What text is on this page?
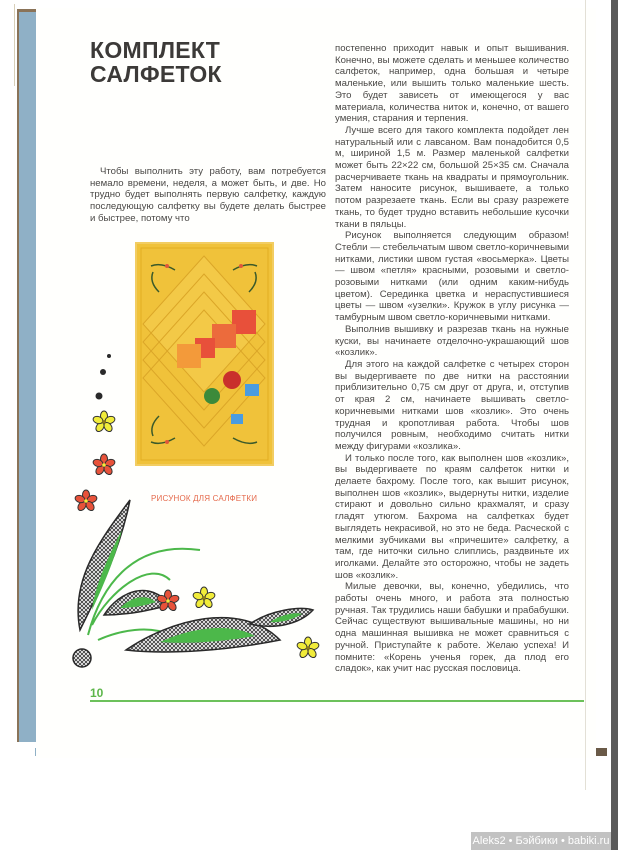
КОМПЛЕКТ
САЛФЕТОК

Чтобы выполнить эту работу, вам потребуется немало времени, неделя, а может быть, и две. Но трудно будет выполнять первую салфетку, каждую последующую салфетку вы будете делать быстрее и быстрее, потому что

постепенно приходит навык и опыт вышивания. Конечно, вы можете сделать и меньшее количество салфеток, например, одна большая и четыре маленькие, или вышить только маленькие шесть. Это будет зависеть от имеющегося у вас материала, количества ниток и, конечно, от вашего умения, старания и терпения.

Лучше всего для такого комплекта подойдет лен натуральный или с лавсаном. Вам понадобится 0,5 м, шириной 1,5 м. Размер маленькой салфетки может быть 22×22 см, большой 25×35 см. Сначала расчерчиваете ткань на квадраты и прямоугольник. Затем наносите рисунок, вышиваете, а только потом разрезаете ткань. Если вы сразу разрежете ткань, то будет трудно вставить небольшие кусочки ткани в пяльцы.

Рисунок выполняется следующим образом! Стебли — стебельчатым швом светло-коричневыми нитками, листики швом густая «восьмерка». Цветы — швом «петля» красными, розовыми и светло-розовыми нитками (или одним каким-нибудь цветом). Серединка цветка и нераспустившиеся цветы — швом «узелки». Кружок в углу рисунка — тамбурным швом светло-коричневыми нитками.

Выполнив вышивку и разрезав ткань на нужные куски, вы начинаете отделочно-украшающий шов «козлик».

Для этого на каждой салфетке с четырех сторон вы выдергиваете по две нитки на расстоянии приблизительно 0,75 см друг от друга, и, отступив от края 2 см, начинаете вышивать светло-коричневыми нитками шов «козлик». Это очень трудная и кропотливая работа. Чтобы шов получился ровным, необходимо считать нитки между фигурами «козлика».

И только после того, как выполнен шов «козлик», вы выдергиваете по краям салфеток нитки и делаете бахрому. После того, как вышит рисунок, выполнен шов «козлик», выдернуты нитки, изделие стирают и довольно сильно крахмалят, и сразу гладят утюгом. Бахрома на салфетках будет выглядеть некрасивой, но это не беда. Расческой с мелкими зубчиками вы «причешите» салфетку, а там, где ниточки сильно слиплись, раздвиньте их иголками. Делайте это осторожно, чтобы не задеть шов «козлик».

Милые девочки, вы, конечно, убедились, что работы очень много, и работа эта полностью ручная. Так трудились наши бабушки и прабабушки. Сейчас существуют вышивальные машины, но ни одна машинная вышивка не может сравниться с ручной. Приступайте к работе. Желаю успеха! И помните: «Корень ученья горек, да плод его сладок», как учит нас русская пословица.

РИСУНОК ДЛЯ САЛФЕТКИ
10
Aleks2 • Бэйбики • babiki.ru
